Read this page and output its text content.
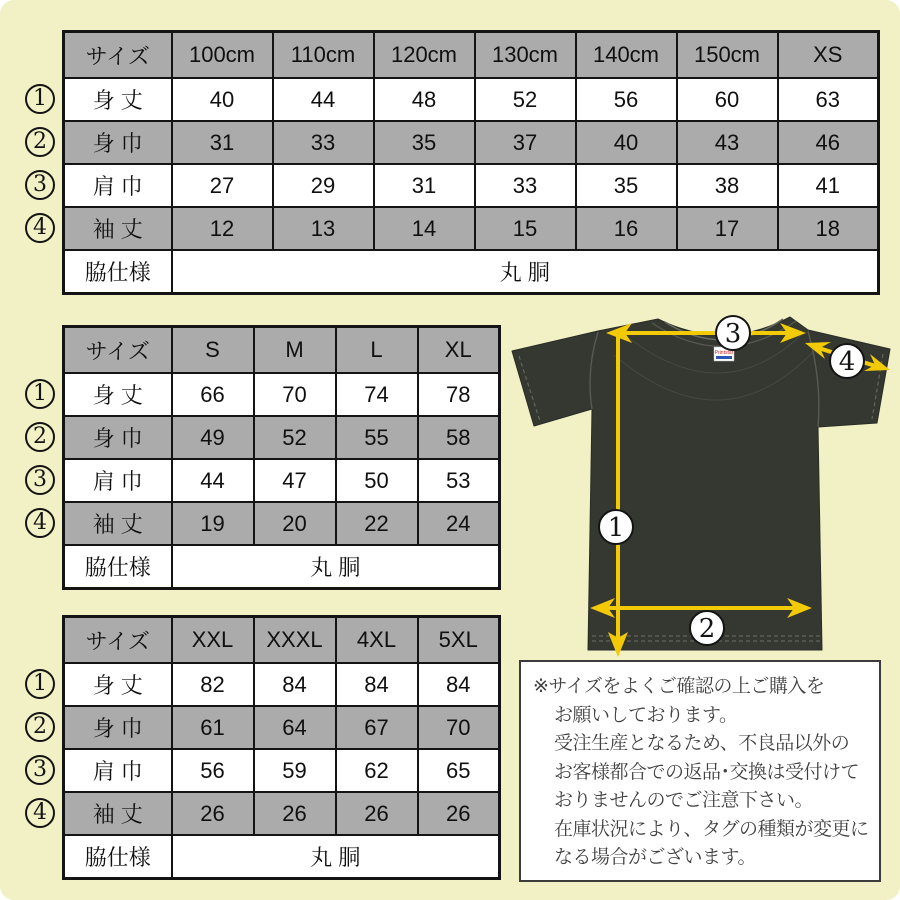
サイズ	100cm	110cm	120cm	130cm	140cm	150cm	XS
身 丈	40	44	48	52	56	60	63
身 巾	31	33	35	37	40	43	46
肩 巾	27	29	31	33	35	38	41
袖 丈	12	13	14	15	16	17	18
脇仕様	丸 胴						
サイズ	S	M	L	XL
身 丈	66	70	74	78
身 巾	49	52	55	58
肩 巾	44	47	50	53
袖 丈	19	20	22	24
脇仕様	丸 胴			
サイズ	XXL	XXXL	4XL	5XL
身 丈	82	84	84	84
身 巾	61	64	67	70
肩 巾	56	59	62	65
袖 丈	26	26	26	26
脇仕様	丸 胴			
1
2
3
4
1
2
3
4
1
2
3
4
Printstar
3
4
1
2
※サイズをよくご確認の上ご購入を
お願いしております。
受注生産となるため、不良品以外の
お客様都合での返品･交換は受付けて
おりませんのでご注意下さい。
在庫状況により、タグの種類が変更に
なる場合がございます。
